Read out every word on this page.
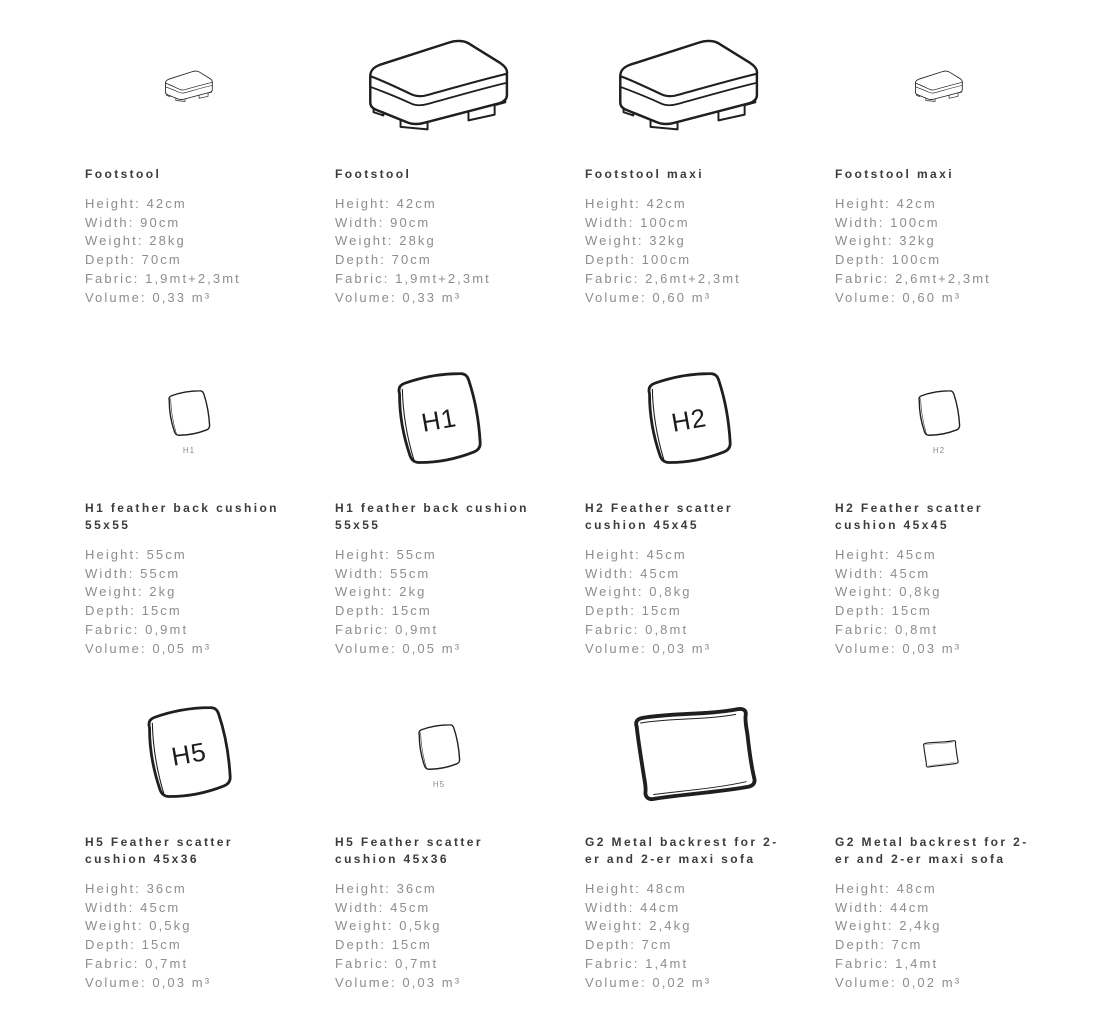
Footstool
Height: 42cm
Width: 90cm
Weight: 28kg
Depth: 70cm
Fabric: 1,9mt+2,3mt
Volume: 0,33 m³
Footstool
Height: 42cm
Width: 90cm
Weight: 28kg
Depth: 70cm
Fabric: 1,9mt+2,3mt
Volume: 0,33 m³
Footstool maxi
Height: 42cm
Width: 100cm
Weight: 32kg
Depth: 100cm
Fabric: 2,6mt+2,3mt
Volume: 0,60 m³
Footstool maxi
Height: 42cm
Width: 100cm
Weight: 32kg
Depth: 100cm
Fabric: 2,6mt+2,3mt
Volume: 0,60 m³
H1
H1 feather back cushion 55x55
Height: 55cm
Width: 55cm
Weight: 2kg
Depth: 15cm
Fabric: 0,9mt
Volume: 0,05 m³
H1
H1 feather back cushion 55x55
Height: 55cm
Width: 55cm
Weight: 2kg
Depth: 15cm
Fabric: 0,9mt
Volume: 0,05 m³
H2
H2 Feather scatter cushion 45x45
Height: 45cm
Width: 45cm
Weight: 0,8kg
Depth: 15cm
Fabric: 0,8mt
Volume: 0,03 m³
H2
H2 Feather scatter cushion 45x45
Height: 45cm
Width: 45cm
Weight: 0,8kg
Depth: 15cm
Fabric: 0,8mt
Volume: 0,03 m³
H5
H5 Feather scatter cushion 45x36
Height: 36cm
Width: 45cm
Weight: 0,5kg
Depth: 15cm
Fabric: 0,7mt
Volume: 0,03 m³
H5
H5 Feather scatter cushion 45x36
Height: 36cm
Width: 45cm
Weight: 0,5kg
Depth: 15cm
Fabric: 0,7mt
Volume: 0,03 m³
G2 Metal backrest for 2-er and 2-er maxi sofa
Height: 48cm
Width: 44cm
Weight: 2,4kg
Depth: 7cm
Fabric: 1,4mt
Volume: 0,02 m³
G2 Metal backrest for 2-er and 2-er maxi sofa
Height: 48cm
Width: 44cm
Weight: 2,4kg
Depth: 7cm
Fabric: 1,4mt
Volume: 0,02 m³
